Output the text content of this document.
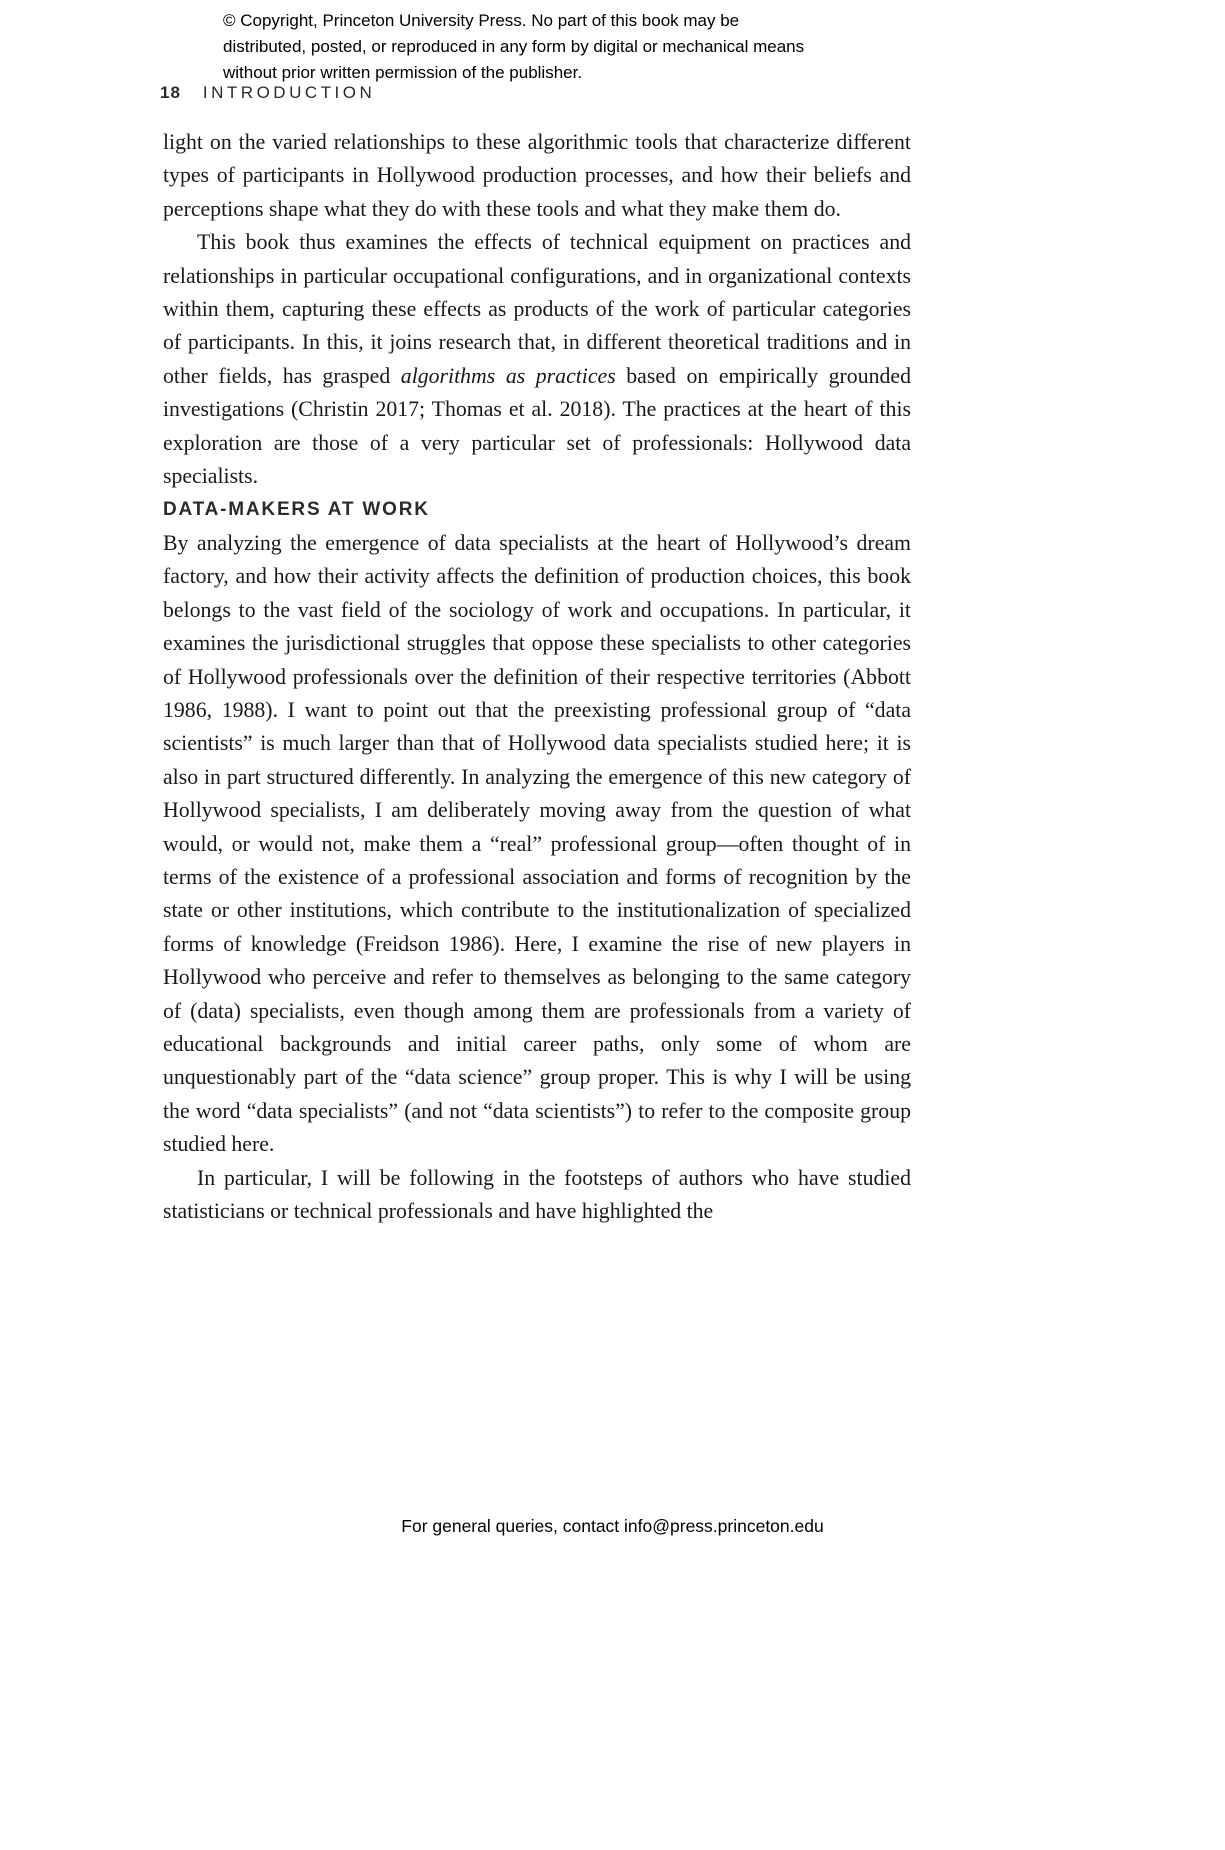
© Copyright, Princeton University Press. No part of this book may be distributed, posted, or reproduced in any form by digital or mechanical means without prior written permission of the publisher.
18 INTRODUCTION

light on the varied relationships to these algorithmic tools that characterize different types of participants in Hollywood production processes, and how their beliefs and perceptions shape what they do with these tools and what they make them do.

This book thus examines the effects of technical equipment on practices and relationships in particular occupational configurations, and in organizational contexts within them, capturing these effects as products of the work of particular categories of participants. In this, it joins research that, in different theoretical traditions and in other fields, has grasped algorithms as practices based on empirically grounded investigations (Christin 2017; Thomas et al. 2018). The practices at the heart of this exploration are those of a very particular set of professionals: Hollywood data specialists.

DATA-MAKERS AT WORK

By analyzing the emergence of data specialists at the heart of Hollywood’s dream factory, and how their activity affects the definition of production choices, this book belongs to the vast field of the sociology of work and occupations. In particular, it examines the jurisdictional struggles that oppose these specialists to other categories of Hollywood professionals over the definition of their respective territories (Abbott 1986, 1988). I want to point out that the preexisting professional group of “data scientists” is much larger than that of Hollywood data specialists studied here; it is also in part structured differently. In analyzing the emergence of this new category of Hollywood specialists, I am deliberately moving away from the question of what would, or would not, make them a “real” professional group—often thought of in terms of the existence of a professional association and forms of recognition by the state or other institutions, which contribute to the institutionalization of specialized forms of knowledge (Freidson 1986). Here, I examine the rise of new players in Hollywood who perceive and refer to themselves as belonging to the same category of (data) specialists, even though among them are professionals from a variety of educational backgrounds and initial career paths, only some of whom are unquestionably part of the “data science” group proper. This is why I will be using the word “data specialists” (and not “data scientists”) to refer to the composite group studied here.

In particular, I will be following in the footsteps of authors who have studied statisticians or technical professionals and have highlighted the

For general queries, contact info@press.princeton.edu
